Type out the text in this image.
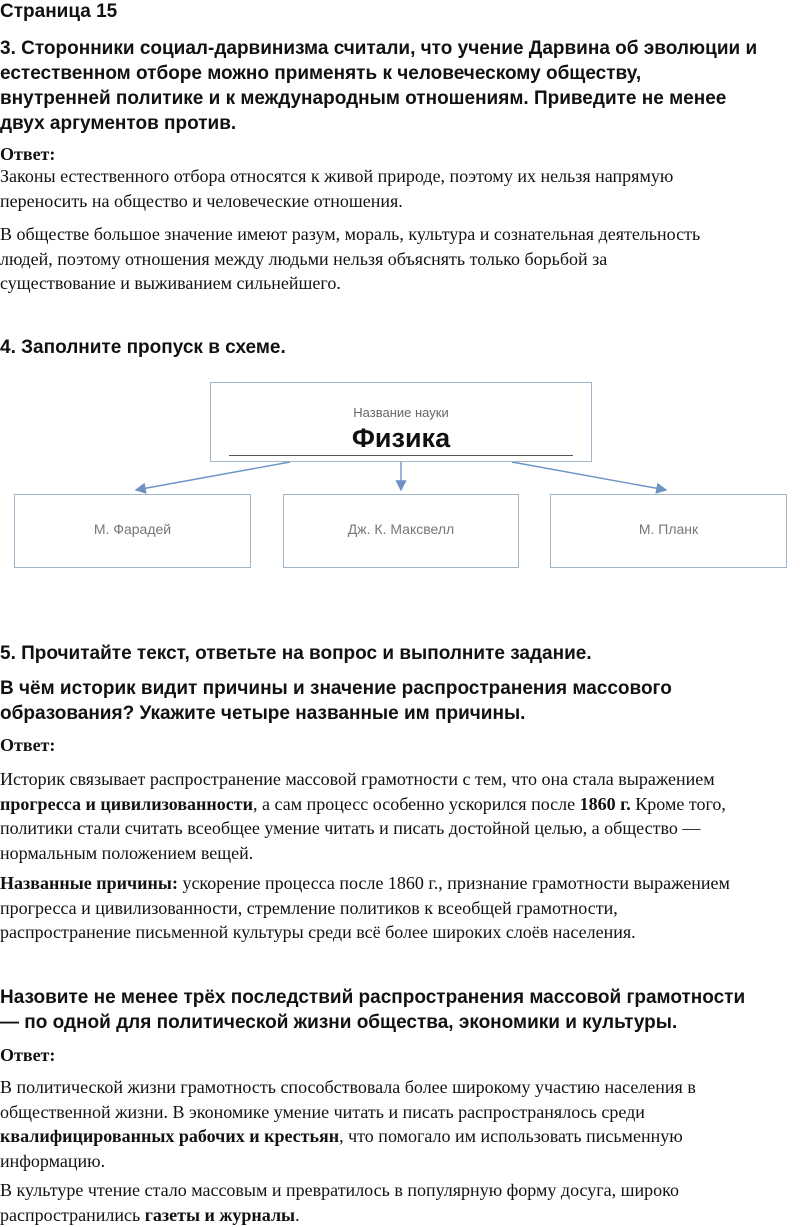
Страница 15
3. Сторонники социал-дарвинизма считали, что учение Дарвина об эволюции и
естественном отборе можно применять к человеческому обществу,
внутренней политике и к международным отношениям. Приведите не менее
двух аргументов против.
Ответ:
Законы естественного отбора относятся к живой природе, поэтому их нельзя напрямую
переносить на общество и человеческие отношения.
В обществе большое значение имеют разум, мораль, культура и сознательная деятельность
людей, поэтому отношения между людьми нельзя объяснять только борьбой за
существование и выживанием сильнейшего.
4. Заполните пропуск в схеме.
Название науки
Физика
М. Фарадей	Дж. К. Максвелл	М. Планк
5. Прочитайте текст, ответьте на вопрос и выполните задание.
В чём историк видит причины и значение распространения массового
образования? Укажите четыре названные им причины.
Ответ:
Историк связывает распространение массовой грамотности с тем, что она стала выражением
прогресса и цивилизованности, а сам процесс особенно ускорился после 1860 г. Кроме того,
политики стали считать всеобщее умение читать и писать достойной целью, а общество —
нормальным положением вещей.
Названные причины: ускорение процесса после 1860 г., признание грамотности выражением
прогресса и цивилизованности, стремление политиков к всеобщей грамотности,
распространение письменной культуры среди всё более широких слоёв населения.
Назовите не менее трёх последствий распространения массовой грамотности
— по одной для политической жизни общества, экономики и культуры.
Ответ:
В политической жизни грамотность способствовала более широкому участию населения в
общественной жизни. В экономике умение читать и писать распространялось среди
квалифицированных рабочих и крестьян, что помогало им использовать письменную
информацию.
В культуре чтение стало массовым и превратилось в популярную форму досуга, широко
распространились газеты и журналы.
